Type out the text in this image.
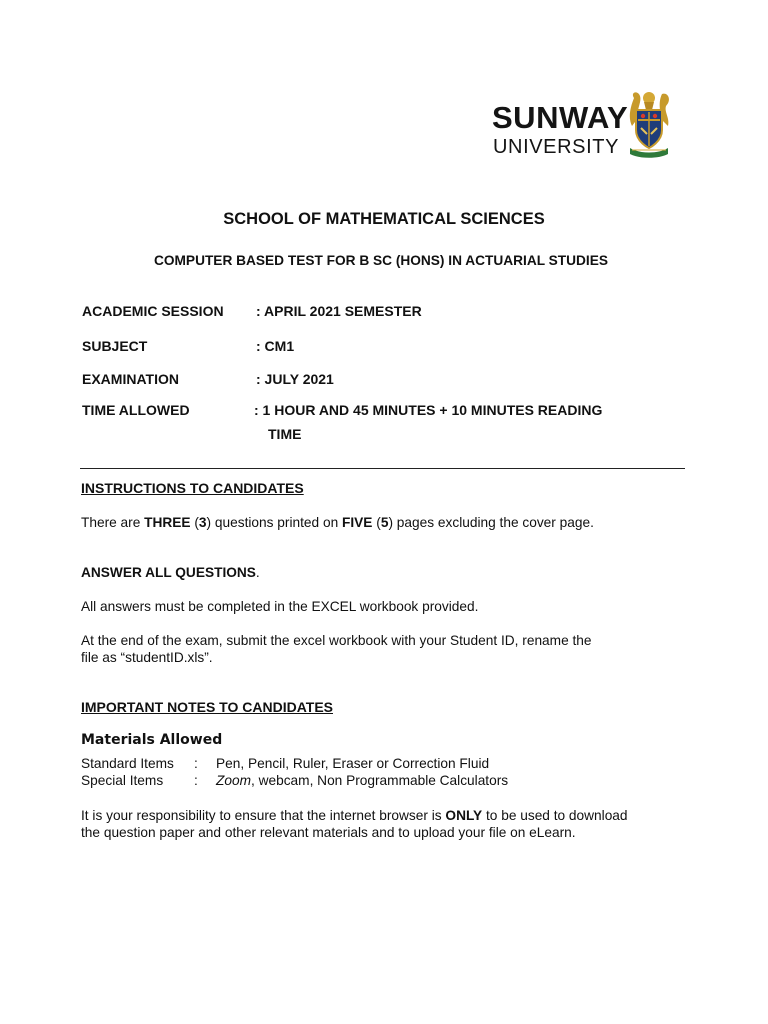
SUNWAY
UNIVERSITY
SCHOOL OF MATHEMATICAL SCIENCES
COMPUTER BASED TEST FOR B SC (HONS) IN ACTUARIAL STUDIES
ACADEMIC SESSION : APRIL 2021 SEMESTER
SUBJECT	: CM1
EXAMINATION	: JULY 2021
TIME ALLOWED	: 1 HOUR AND 45 MINUTES + 10 MINUTES READING
TIME
INSTRUCTIONS TO CANDIDATES
There are THREE (3) questions printed on FIVE (5) pages excluding the cover page.
ANSWER ALL QUESTIONS.
All answers must be completed in the EXCEL workbook provided.
At the end of the exam, submit the excel workbook with your Student ID, rename the
file as “studentID.xls”.
IMPORTANT NOTES TO CANDIDATES
Materials Allowed
Standard Items : Pen, Pencil, Ruler, Eraser or Correction Fluid
Special Items : Zoom, webcam, Non Programmable Calculators
It is your responsibility to ensure that the internet browser is ONLY to be used to download
the question paper and other relevant materials and to upload your file on eLearn.
